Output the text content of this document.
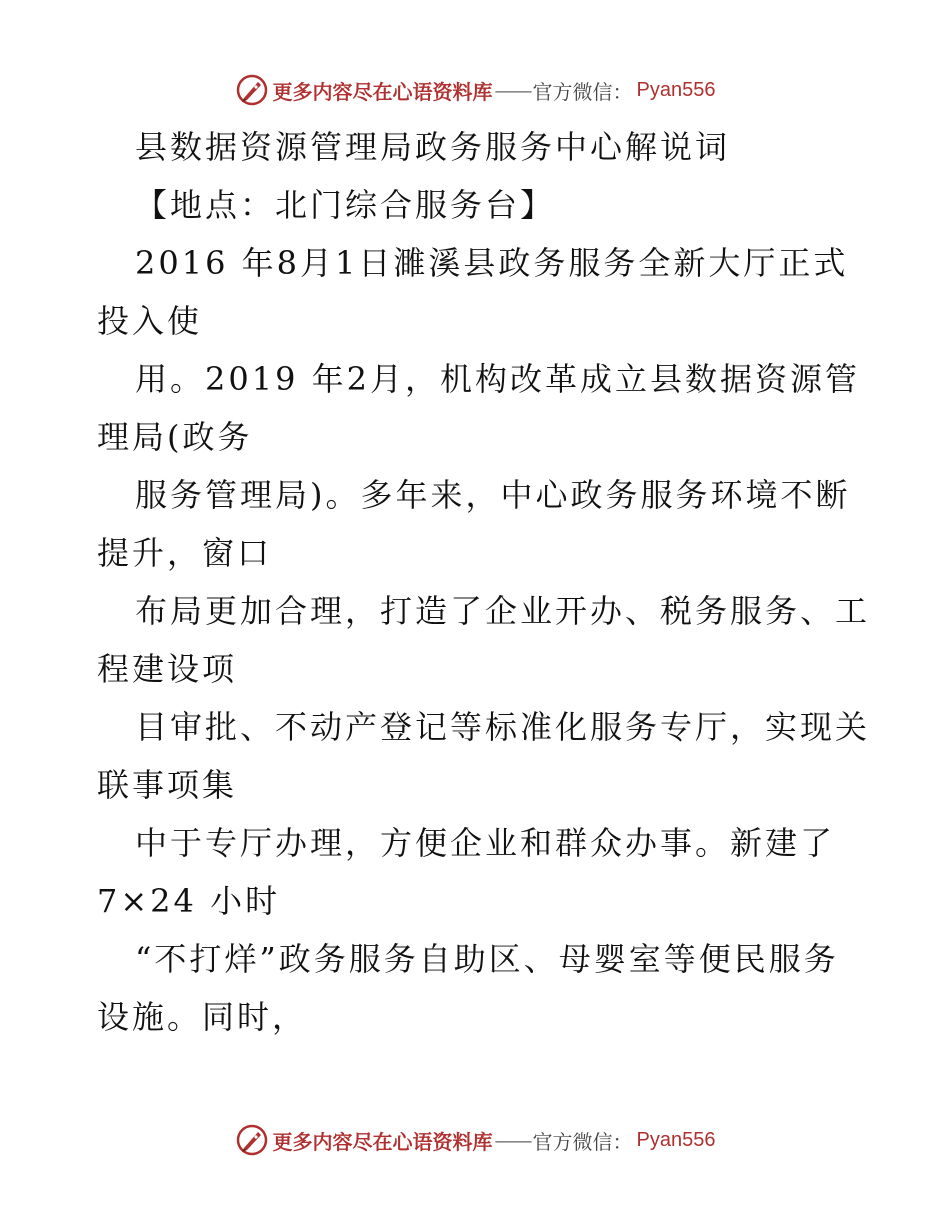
更多内容尽在心语资料库 —— 官方微信： Pyan556
县数据资源管理局政务服务中心解说词
【地点：北门综合服务台】
2016 年8月1日濉溪县政务服务全新大厅正式
投入使
用。2019 年2月，机构改革成立县数据资源管
理局(政务
服务管理局)。多年来，中心政务服务环境不断
提升，窗口
布局更加合理，打造了企业开办、税务服务、工
程建设项
目审批、不动产登记等标准化服务专厅，实现关
联事项集
中于专厅办理，方便企业和群众办事。新建了
7×24 小时
“不打烊”政务服务自助区、母婴室等便民服务
设施。同时，
更多内容尽在心语资料库 —— 官方微信： Pyan556
